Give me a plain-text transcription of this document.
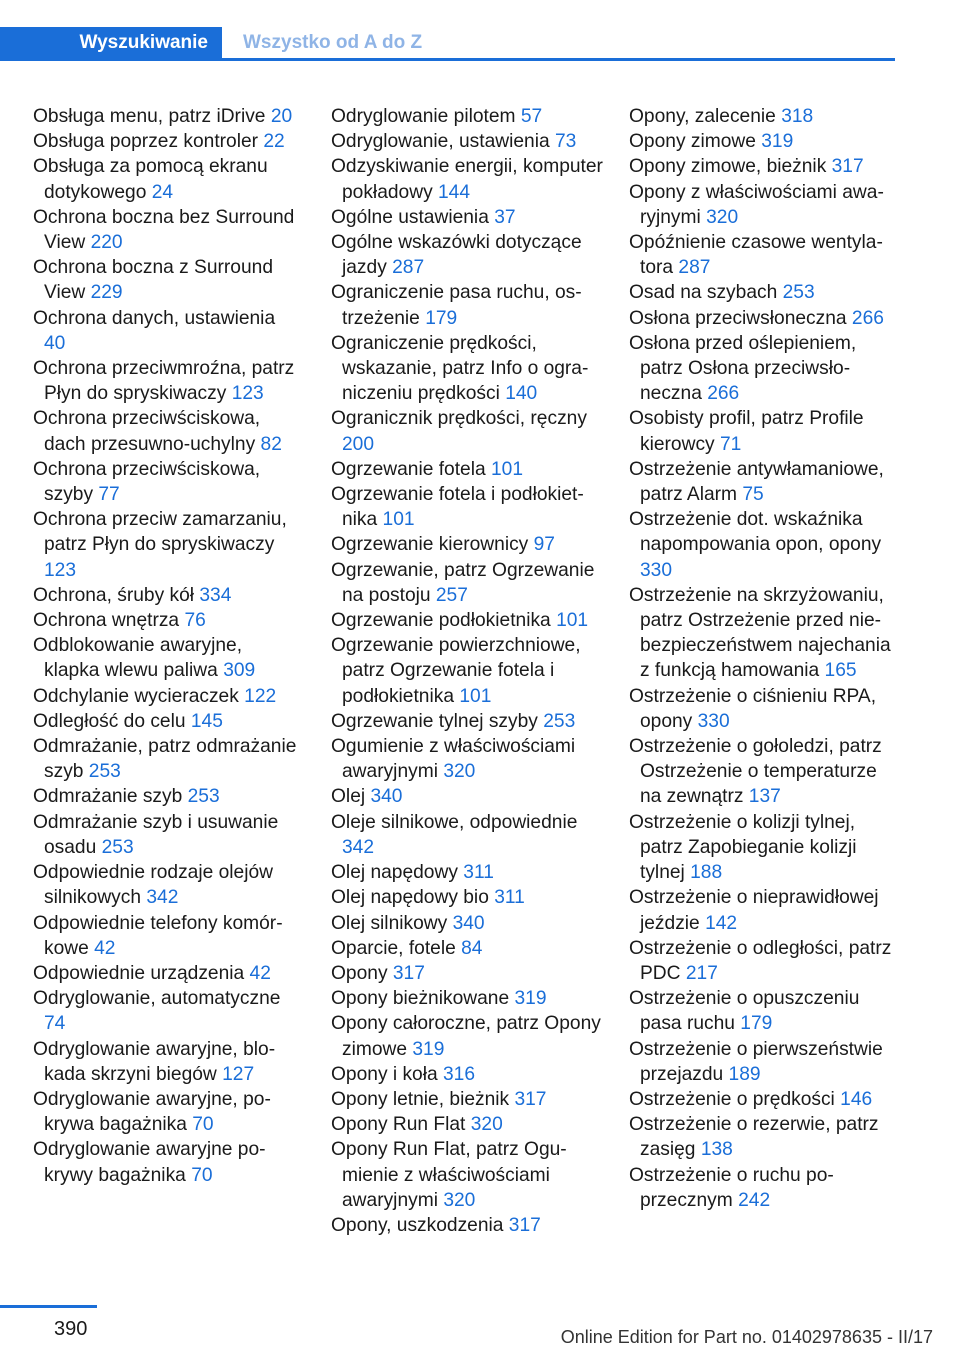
Wyszukiwanie	Wszystko od A do Z

Obsługa menu, patrz iDrive 20

Obsługa poprzez kontroler 22

Obsługa za pomocą ekranu dotykowego 24

Ochrona boczna bez Surround View 220

Ochrona boczna z Surround View 229

Ochrona danych, ustawienia 40

Ochrona przeciwmroźna, patrz Płyn do spryskiwaczy 123

Ochrona przeciwściskowa, dach przesuwno-uchylny 82

Ochrona przeciwściskowa, szyby 77

Ochrona przeciw zamarzaniu, patrz Płyn do spryskiwaczy 123

Ochrona, śruby kół 334

Ochrona wnętrza 76

Odblokowanie awaryjne, klapka wlewu paliwa 309

Odchylanie wycieraczek 122

Odległość do celu 145

Odmrażanie, patrz odmrażanie szyb 253

Odmrażanie szyb 253

Odmrażanie szyb i usuwanie osadu 253

Odpowiednie rodzaje olejów silnikowych 342

Odpowiednie telefony komórkowe 42

Odpowiednie urządzenia 42

Odryglowanie, automatyczne 74

Odryglowanie awaryjne, blokada skrzyni biegów 127

Odryglowanie awaryjne, pokrywa bagażnika 70

Odryglowanie awaryjne pokrywy bagażnika 70

Odryglowanie pilotem 57

Odryglowanie, ustawienia 73

Odzyskiwanie energii, komputer pokładowy 144

Ogólne ustawienia 37

Ogólne wskazówki dotyczące jazdy 287

Ograniczenie pasa ruchu, ostrzeżenie 179

Ograniczenie prędkości, wskazanie, patrz Info o ograniczeniu prędkości 140

Ogranicznik prędkości, ręczny 200

Ogrzewanie fotela 101

Ogrzewanie fotela i podłokietnika 101

Ogrzewanie kierownicy 97

Ogrzewanie, patrz Ogrzewanie na postoju 257

Ogrzewanie podłokietnika 101

Ogrzewanie powierzchniowe, patrz Ogrzewanie fotela i podłokietnika 101

Ogrzewanie tylnej szyby 253

Ogumienie z właściwościami awaryjnymi 320

Olej 340

Oleje silnikowe, odpowiednie 342

Olej napędowy 311

Olej napędowy bio 311

Olej silnikowy 340

Oparcie, fotele 84

Opony 317

Opony bieżnikowane 319

Opony całoroczne, patrz Opony zimowe 319

Opony i koła 316

Opony letnie, bieżnik 317

Opony Run Flat 320

Opony Run Flat, patrz Ogumienie z właściwościami awaryjnymi 320

Opony, uszkodzenia 317

Opony, zalecenie 318

Opony zimowe 319

Opony zimowe, bieżnik 317

Opony z właściwościami awaryjnymi 320

Opóźnienie czasowe wentylatora 287

Osad na szybach 253

Osłona przeciwsłoneczna 266

Osłona przed oślepieniem, patrz Osłona przeciwsłoneczna 266

Osobisty profil, patrz Profile kierowcy 71

Ostrzeżenie antywłamaniowe, patrz Alarm 75

Ostrzeżenie dot. wskaźnika napompowania opon, opony 330

Ostrzeżenie na skrzyżowaniu, patrz Ostrzeżenie przed niebezpieczeństwem najechania z funkcją hamowania 165

Ostrzeżenie o ciśnieniu RPA, opony 330

Ostrzeżenie o gołoledzi, patrz Ostrzeżenie o temperaturze na zewnątrz 137

Ostrzeżenie o kolizji tylnej, patrz Zapobieganie kolizji tylnej 188

Ostrzeżenie o nieprawidłowej jeździe 142

Ostrzeżenie o odległości, patrz PDC 217

Ostrzeżenie o opuszczeniu pasa ruchu 179

Ostrzeżenie o pierwszeństwie przejazdu 189

Ostrzeżenie o prędkości 146

Ostrzeżenie o rezerwie, patrz zasięg 138

Ostrzeżenie o ruchu poprzecznym 242

390	Online Edition for Part no. 01402978635 - II/17
